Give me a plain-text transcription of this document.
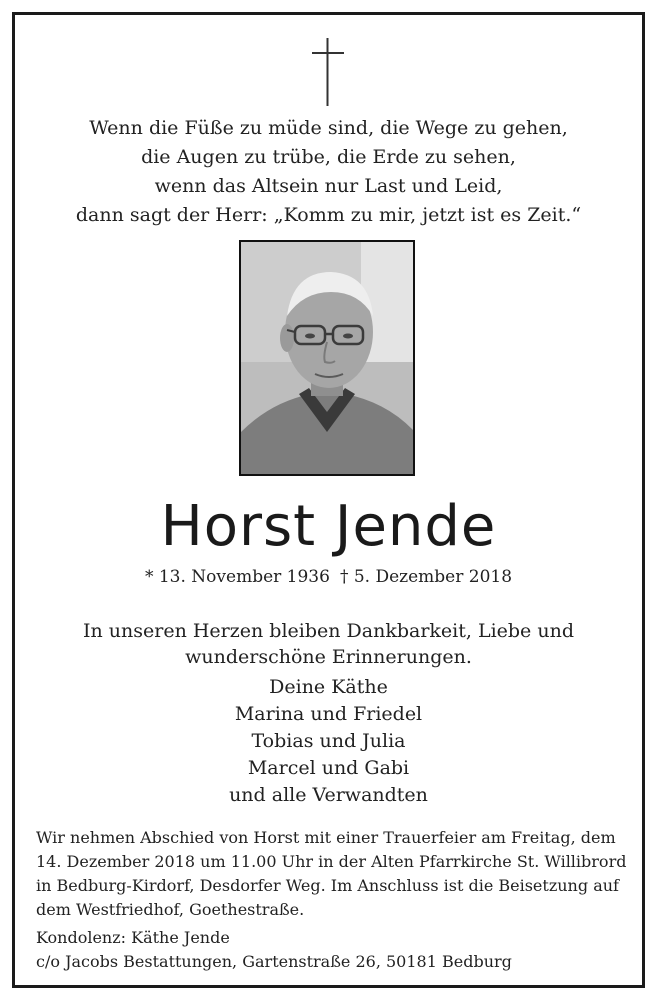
Wenn die Füße zu müde sind, die Wege zu gehen,
die Augen zu trübe, die Erde zu sehen,
wenn das Altsein nur Last und Leid,
dann sagt der Herr: „Komm zu mir, jetzt ist es Zeit.“
Horst Jende
* 13. November 1936 † 5. Dezember 2018
In unseren Herzen bleiben Dankbarkeit, Liebe und
wunderschöne Erinnerungen.
Deine Käthe
Marina und Friedel
Tobias und Julia
Marcel und Gabi
und alle Verwandten
Wir nehmen Abschied von Horst mit einer Trauerfeier am Freitag, dem
14. Dezember 2018 um 11.00 Uhr in der Alten Pfarrkirche St. Willibrord
in Bedburg-Kirdorf, Desdorfer Weg. Im Anschluss ist die Beisetzung auf
dem Westfriedhof, Goethestraße.
Kondolenz: Käthe Jende
c/o Jacobs Bestattungen, Gartenstraße 26, 50181 Bedburg
